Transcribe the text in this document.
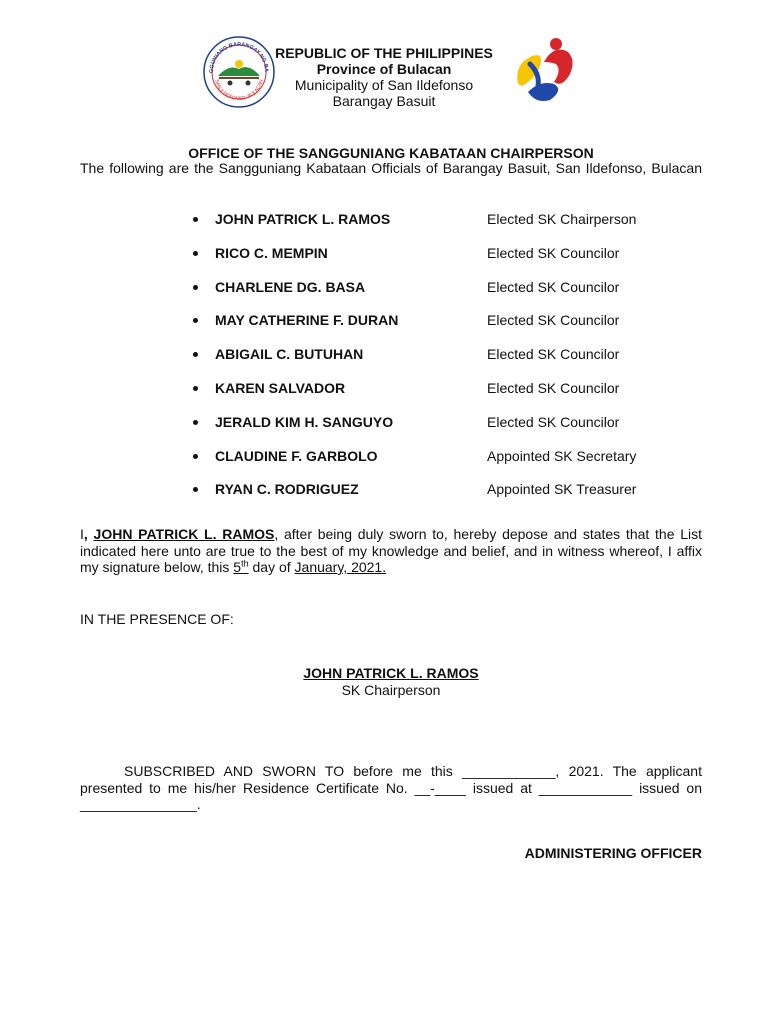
GGUNIANG BARANGAY NG BA
SAN ILDEFONSO, BULACAN
REPUBLIC OF THE PHILIPPINES
Province of Bulacan
Municipality of San Ildefonso
Barangay Basuit
OFFICE OF THE SANGGUNIANG KABATAAN CHAIRPERSON
The following are the Sangguniang Kabataan Officials of Barangay Basuit, San Ildefonso, Bulacan
JOHN PATRICK L. RAMOS	Elected SK Chairperson
RICO C. MEMPIN	Elected SK Councilor
CHARLENE DG. BASA	Elected SK Councilor
MAY CATHERINE F. DURAN	Elected SK Councilor
ABIGAIL C. BUTUHAN	Elected SK Councilor
KAREN SALVADOR	Elected SK Councilor
JERALD KIM H. SANGUYO	Elected SK Councilor
CLAUDINE F. GARBOLO	Appointed SK Secretary
RYAN C. RODRIGUEZ	Appointed SK Treasurer
I, JOHN PATRICK L. RAMOS, after being duly sworn to, hereby depose and states that the List indicated here unto are true to the best of my knowledge and belief, and in witness whereof, I affix my signature below, this 5th day of January, 2021.
IN THE PRESENCE OF:
JOHN PATRICK L. RAMOS
SK Chairperson
SUBSCRIBED AND SWORN TO before me this ____________, 2021. The applicant presented to me his/her Residence Certificate No. __-____ issued at ____________ issued on _______________.
ADMINISTERING OFFICER
